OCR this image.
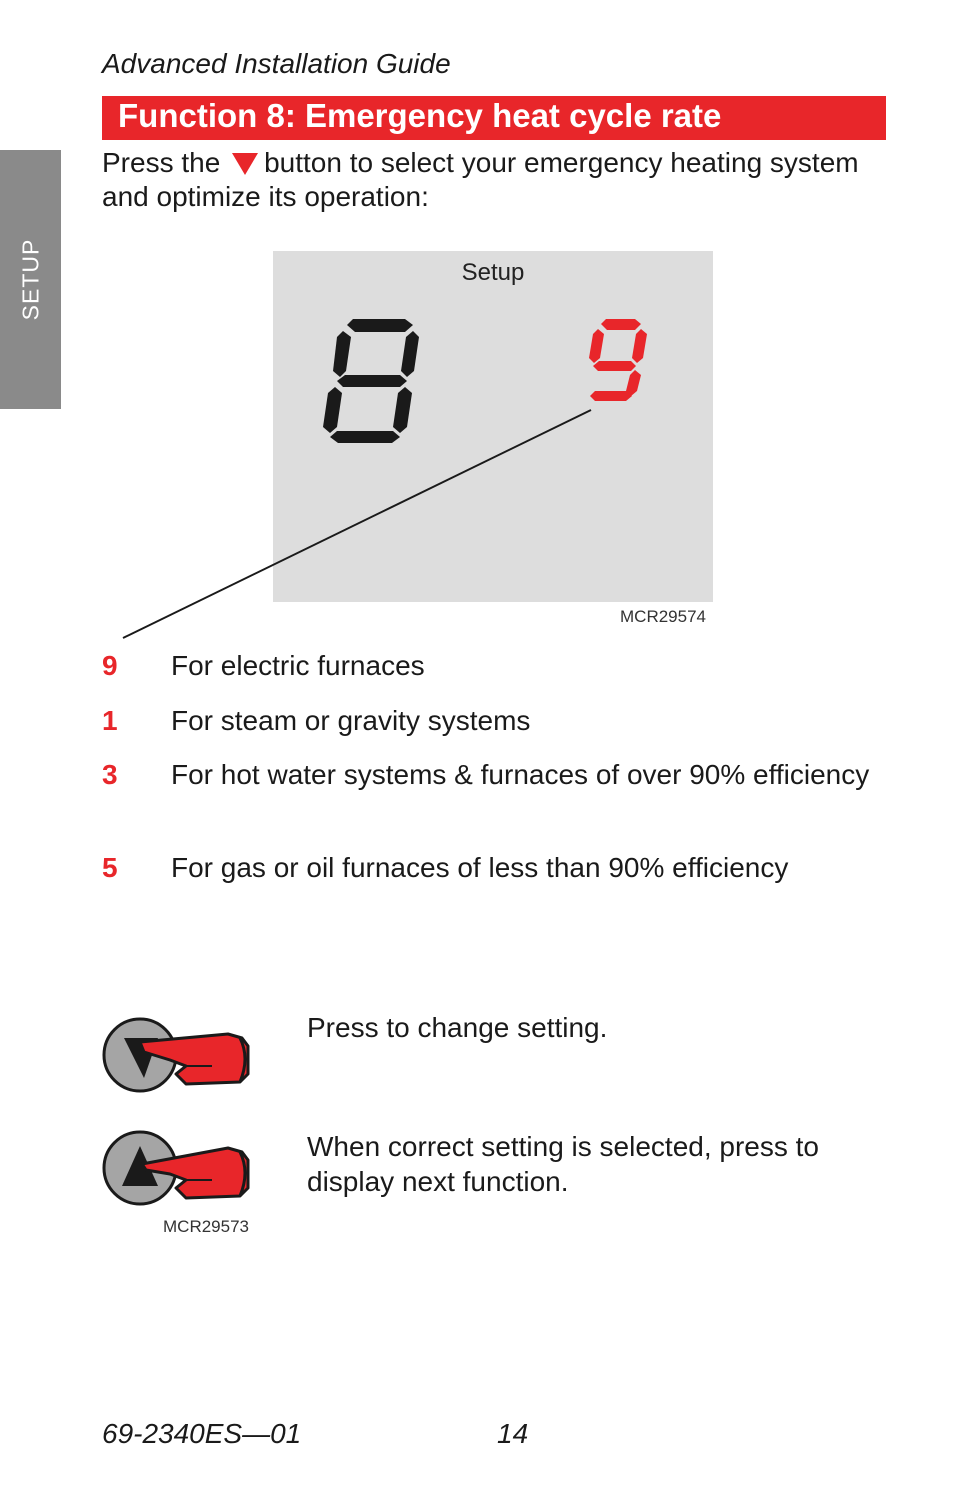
SETUP
Advanced Installation Guide
Function 8: Emergency heat cycle rate
Press the button to select your emergency heating system and optimize its operation:
Setup
MCR29574
9 For electric furnaces
1 For steam or gravity systems
3 For hot water systems & furnaces of over 90% efficiency
5 For gas or oil furnaces of less than 90% efficiency
Press to change setting.
When correct setting is selected, press to display next function.
MCR29573
69-2340ES—01	14
